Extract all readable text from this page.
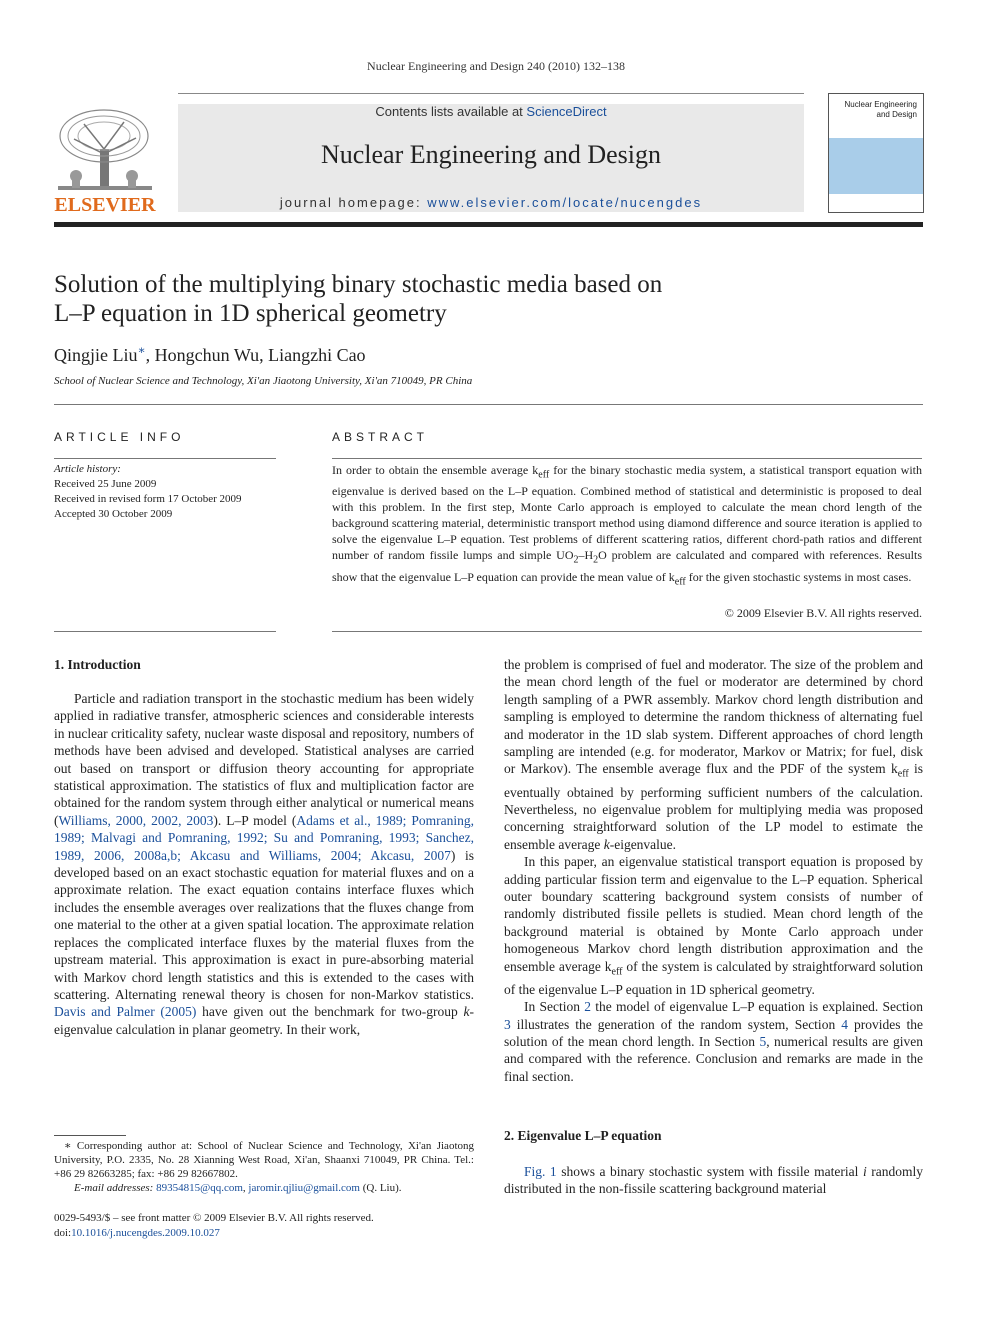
Nuclear Engineering and Design 240 (2010) 132–138
ELSEVIER
Contents lists available at ScienceDirect
Nuclear Engineering and Design
journal homepage: www.elsevier.com/locate/nucengdes
Nuclear Engineering
and Design
Solution of the multiplying binary stochastic media based on
L–P equation in 1D spherical geometry
Qingjie Liu∗, Hongchun Wu, Liangzhi Cao
School of Nuclear Science and Technology, Xi'an Jiaotong University, Xi'an 710049, PR China
ARTICLE INFO
Article history:
Received 25 June 2009
Received in revised form 17 October 2009
Accepted 30 October 2009
ABSTRACT
In order to obtain the ensemble average $k_{eff}$ for the binary stochastic media system, a statistical transport equation with eigenvalue is derived based on the L–P equation. Combined method of statistical and deterministic is proposed to deal with this problem. In the first step, Monte Carlo approach is employed to calculate the mean chord length of the background scattering material, deterministic transport method using diamond difference and source iteration is applied to solve the eigenvalue L–P equation. Test problems of different scattering ratios, different chord-path ratios and different number of random fissile lumps and simple $UO_2-H_2O$ problem are calculated and compared with references. Results show that the eigenvalue L–P equation can provide the mean value of $k_{eff}$ for the given stochastic systems in most cases.
© 2009 Elsevier B.V. All rights reserved.
1. Introduction

Particle and radiation transport in the stochastic medium has been widely applied in radiative transfer, atmospheric sciences and considerable interests in nuclear criticality safety, nuclear waste disposal and repository, numbers of methods have been advised and developed. Statistical analyses are carried out based on transport or diffusion theory accounting for appropriate statistical approximation. The statistics of flux and multiplication factor are obtained for the random system through either analytical or numerical means (Williams, 2000, 2002, 2003). L–P model (Adams et al., 1989; Pomraning, 1989; Malvagi and Pomraning, 1992; Su and Pomraning, 1993; Sanchez, 1989, 2006, 2008a,b; Akcasu and Williams, 2004; Akcasu, 2007) is developed based on an exact stochastic equation for material fluxes and on a approximate relation. The exact equation contains interface fluxes which includes the ensemble averages over realizations that the fluxes change from one material to the other at a given spatial location. The approximate relation replaces the complicated interface fluxes by the material fluxes from the upstream material. This approximation is exact in pure-absorbing material with Markov chord length statistics and this is extended to the cases with scattering. Alternating renewal theory is chosen for non-Markov statistics. Davis and Palmer (2005) have given out the benchmark for two-group k-eigenvalue calculation in planar geometry. In their work,

the problem is comprised of fuel and moderator. The size of the problem and the mean chord length of the fuel or moderator are determined by chord length sampling of a PWR assembly. Markov chord length distribution and sampling is employed to determine the random thickness of alternating fuel and moderator in the 1D slab system. Different approaches of chord length sampling are intended (e.g. for moderator, Markov or Matrix; for fuel, disk or Markov). The ensemble average flux and the PDF of the system $k_{eff}$ is eventually obtained by performing sufficient numbers of the calculation. Nevertheless, no eigenvalue problem for multiplying media was proposed concerning straightforward solution of the LP model to estimate the ensemble average k-eigenvalue.

In this paper, an eigenvalue statistical transport equation is proposed by adding particular fission term and eigenvalue to the L–P equation. Spherical outer boundary scattering background system consists of number of randomly distributed fissile pellets is studied. Mean chord length of the background material is obtained by Monte Carlo approach under homogeneous Markov chord length distribution approximation and the ensemble average $k_{eff}$ of the system is calculated by straightforward solution of the eigenvalue L–P equation in 1D spherical geometry.

In Section 2 the model of eigenvalue L–P equation is explained. Section 3 illustrates the generation of the random system, Section 4 provides the solution of the mean chord length. In Section 5, numerical results are given and compared with the reference. Conclusion and remarks are made in the final section.

2. Eigenvalue L–P equation

Fig. 1 shows a binary stochastic system with fissile material i randomly distributed in the non-fissile scattering background material

∗ Corresponding author at: School of Nuclear Science and Technology, Xi'an Jiaotong University, P.O. 2335, No. 28 Xianning West Road, Xi'an, Shaanxi 710049, PR China. Tel.: +86 29 82663285; fax: +86 29 82667802.
E-mail addresses: 89354815@qq.com, jaromir.qjliu@gmail.com (Q. Liu).
0029-5493/$ – see front matter © 2009 Elsevier B.V. All rights reserved.
doi:10.1016/j.nucengdes.2009.10.027
